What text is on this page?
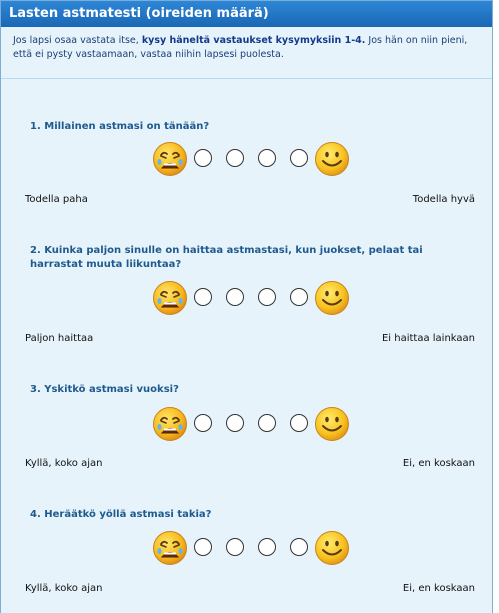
Lasten astmatesti (oireiden määrä)
Jos lapsi osaa vastata itse, kysy häneltä vastaukset kysymyksiin 1-4. Jos hän on niin pieni, että ei pysty vastaamaan, vastaa niihin lapsesi puolesta.
1. Millainen astmasi on tänään?
Todella paha	Todella hyvä
2. Kuinka paljon sinulle on haittaa astmastasi, kun juokset, pelaat tai harrastat muuta liikuntaa?
Paljon haittaa	Ei haittaa lainkaan
3. Yskitkö astmasi vuoksi?
Kyllä, koko ajan	Ei, en koskaan
4. Heräätkö yöllä astmasi takia?
Kyllä, koko ajan	Ei, en koskaan
